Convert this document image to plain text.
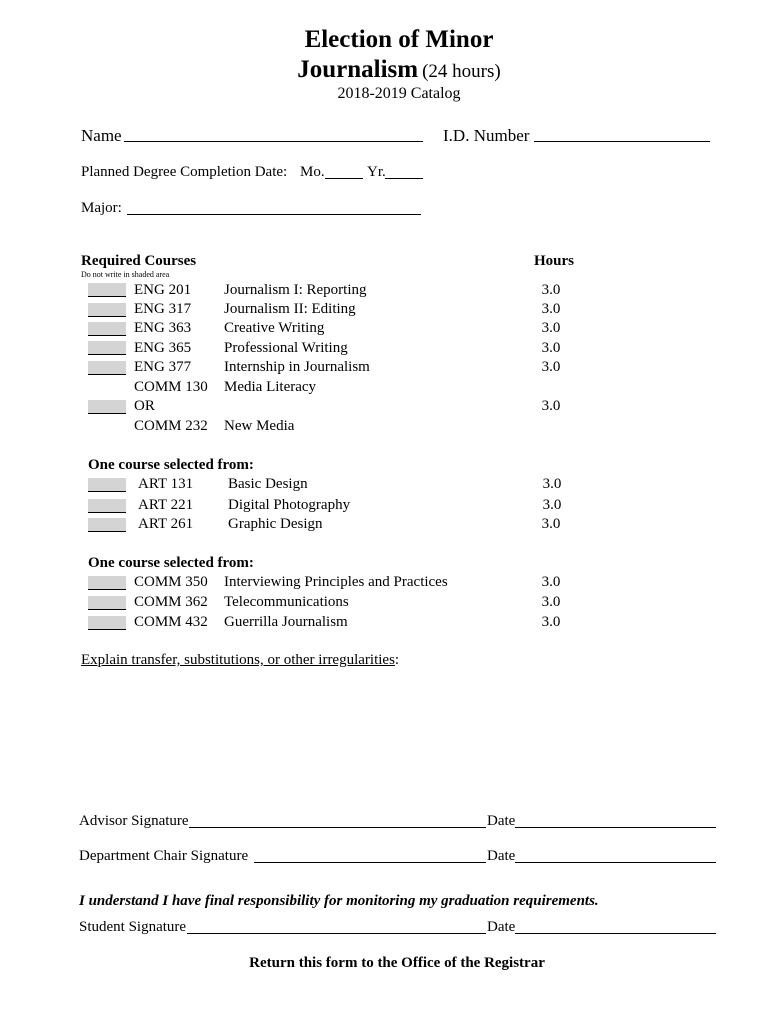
Election of Minor
Journalism (24 hours)
2018-2019 Catalog
Name	I.D. Number
Planned Degree Completion Date: Mo.	Yr.
Major:
Required Courses	Hours
Do not write in shaded area
ENG 201 Journalism I: Reporting	3.0
ENG 317 Journalism II: Editing	3.0
ENG 363 Creative Writing	3.0
ENG 365 Professional Writing	3.0
ENG 377 Internship in Journalism	3.0
COMM 130 Media Literacy
OR	3.0
COMM 232 New Media
One course selected from:
ART 131 Basic Design	3.0
ART 221 Digital Photography	3.0
ART 261 Graphic Design	3.0
One course selected from:
COMM 350 Interviewing Principles and Practices	3.0
COMM 362 Telecommunications	3.0
COMM 432 Guerrilla Journalism	3.0
Explain transfer, substitutions, or other irregularities:
Advisor Signature	Date
Department Chair Signature	Date
I understand I have final responsibility for monitoring my graduation requirements.
Student Signature	Date
Return this form to the Office of the Registrar
